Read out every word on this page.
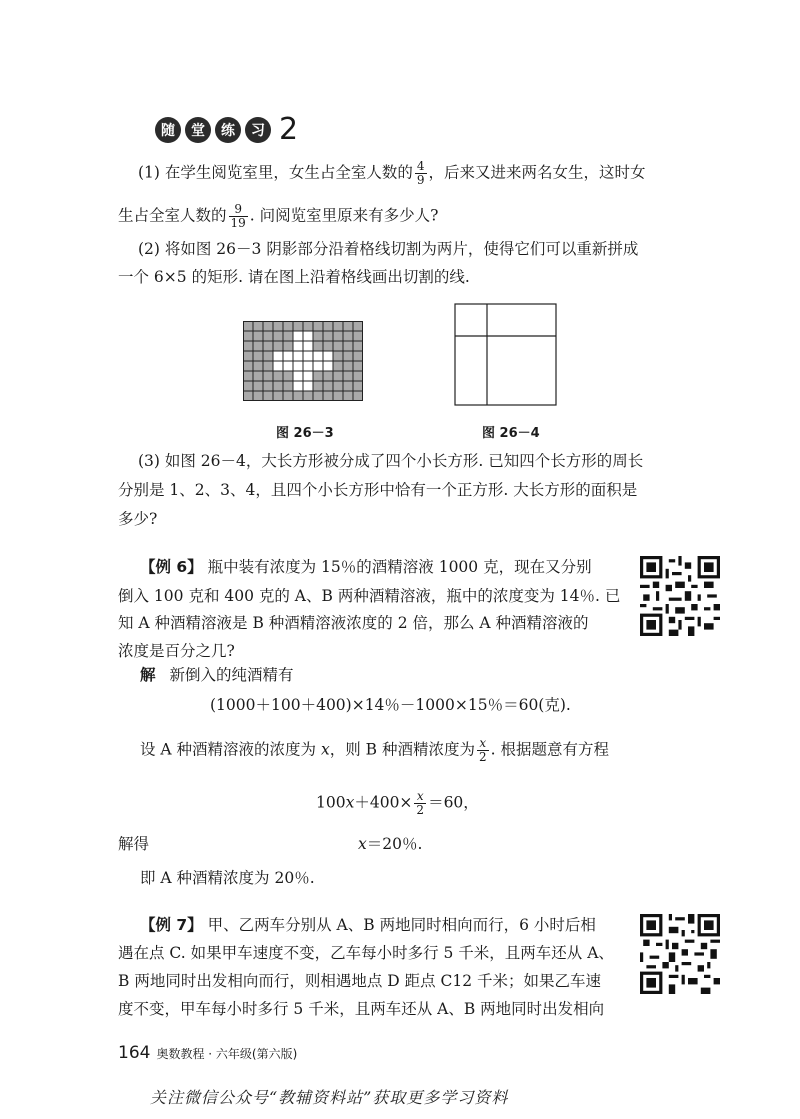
随	堂	练	习 2
(1) 在学生阅览室里，女生占全室人数的 $\frac{4}{9}$ ，后来又进来两名女生，这时女
生占全室人数的 $\frac{9}{19}$ . 问阅览室里原来有多少人?
(2) 将如图 26－3 阴影部分沿着格线切割为两片，使得它们可以重新拼成
一个 6×5 的矩形. 请在图上沿着格线画出切割的线.
图 26－3	图 26－4
(3) 如图 26－4，大长方形被分成了四个小长方形. 已知四个长方形的周长
分别是 1、2、3、4，且四个小长方形中恰有一个正方形. 大长方形的面积是
多少?
【例 6】 瓶中装有浓度为 15％的酒精溶液 1000 克，现在又分别
倒入 100 克和 400 克的 A、B 两种酒精溶液，瓶中的浓度变为 14％. 已
知 A 种酒精溶液是 B 种酒精溶液浓度的 2 倍，那么 A 种酒精溶液的
浓度是百分之几?
解 新倒入的纯酒精有
(1000＋100＋400)×14％－1000×15％＝60(克).
设 A 种酒精溶液的浓度为 x，则 B 种酒精浓度为 $\frac{x}{2}$ . 根据题意有方程
$100x+400\times \frac{x}{2} =60$，
解得	x＝20％.
即 A 种酒精浓度为 20％.
【例 7】 甲、乙两车分别从 A、B 两地同时相向而行，6 小时后相
遇在点 C. 如果甲车速度不变，乙车每小时多行 5 千米，且两车还从 A、
B 两地同时出发相向而行，则相遇地点 D 距点 C12 千米；如果乙车速
度不变，甲车每小时多行 5 千米，且两车还从 A、B 两地同时出发相向
164 奥数教程 · 六年级(第六版)
关注微信公众号“教辅资料站”获取更多学习资料
